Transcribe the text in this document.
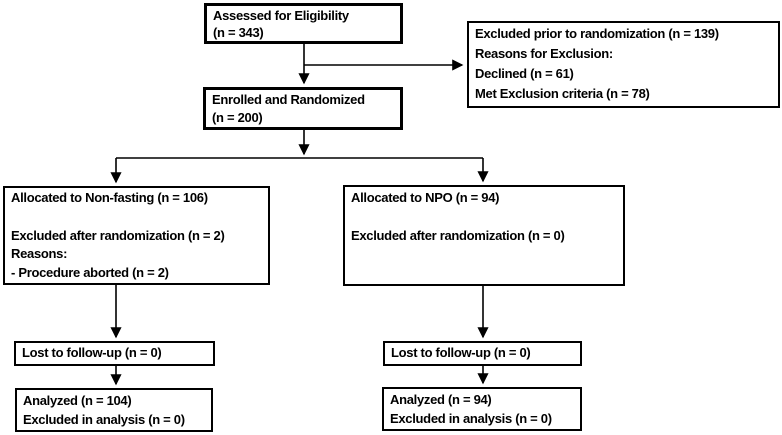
Assessed for Eligibility
(n = 343)	Excluded prior to randomization (n = 139)
Reasons for Exclusion:
Declined (n = 61)
Met Exclusion criteria (n = 78)
Enrolled and Randomized
(n = 200)
Allocated to Non-fasting (n = 106)
Excluded after randomization (n = 2)
Reasons:
- Procedure aborted (n = 2)
Allocated to NPO (n = 94)
Excluded after randomization (n = 0)
Lost to follow-up (n = 0)	Lost to follow-up (n = 0)
Analyzed (n = 104)
Excluded in analysis (n = 0)
Analyzed (n = 94)
Excluded in analysis (n = 0)
